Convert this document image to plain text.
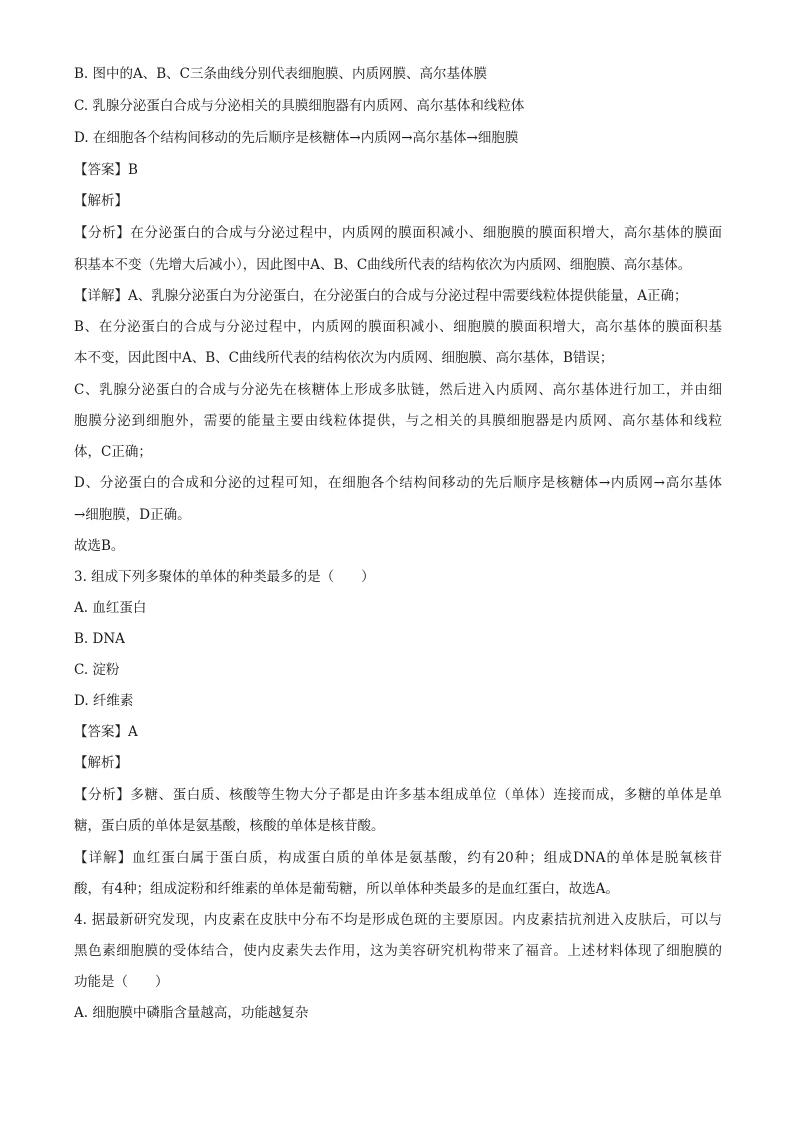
B. 图中的A、B、C三条曲线分别代表细胞膜、内质网膜、高尔基体膜
C. 乳腺分泌蛋白合成与分泌相关的具膜细胞器有内质网、高尔基体和线粒体
D. 在细胞各个结构间移动的先后顺序是核糖体→内质网→高尔基体→细胞膜
【答案】B
【解析】
【分析】在分泌蛋白的合成与分泌过程中，内质网的膜面积减小、细胞膜的膜面积增大，高尔基体的膜面
积基本不变（先增大后减小），因此图中A、B、C曲线所代表的结构依次为内质网、细胞膜、高尔基体。
【详解】A、乳腺分泌蛋白为分泌蛋白，在分泌蛋白的合成与分泌过程中需要线粒体提供能量，A正确；
B、在分泌蛋白的合成与分泌过程中，内质网的膜面积减小、细胞膜的膜面积增大，高尔基体的膜面积基
本不变，因此图中A、B、C曲线所代表的结构依次为内质网、细胞膜、高尔基体，B错误；
C、乳腺分泌蛋白的合成与分泌先在核糖体上形成多肽链，然后进入内质网、高尔基体进行加工，并由细
胞膜分泌到细胞外，需要的能量主要由线粒体提供，与之相关的具膜细胞器是内质网、高尔基体和线粒
体，C正确；
D、分泌蛋白的合成和分泌的过程可知，在细胞各个结构间移动的先后顺序是核糖体→内质网→高尔基体
→细胞膜，D正确。
故选B。
3. 组成下列多聚体的单体的种类最多的是（　　）
A. 血红蛋白
B. DNA
C. 淀粉
D. 纤维素
【答案】A
【解析】
【分析】多糖、蛋白质、核酸等生物大分子都是由许多基本组成单位（单体）连接而成，多糖的单体是单
糖，蛋白质的单体是氨基酸，核酸的单体是核苷酸。
【详解】血红蛋白属于蛋白质，构成蛋白质的单体是氨基酸，约有20种；组成DNA的单体是脱氧核苷
酸，有4种；组成淀粉和纤维素的单体是葡萄糖，所以单体种类最多的是血红蛋白，故选A。
4. 据最新研究发现，内皮素在皮肤中分布不均是形成色斑的主要原因。内皮素拮抗剂进入皮肤后，可以与
黑色素细胞膜的受体结合，使内皮素失去作用，这为美容研究机构带来了福音。上述材料体现了细胞膜的
功能是（　　）
A. 细胞膜中磷脂含量越高，功能越复杂
